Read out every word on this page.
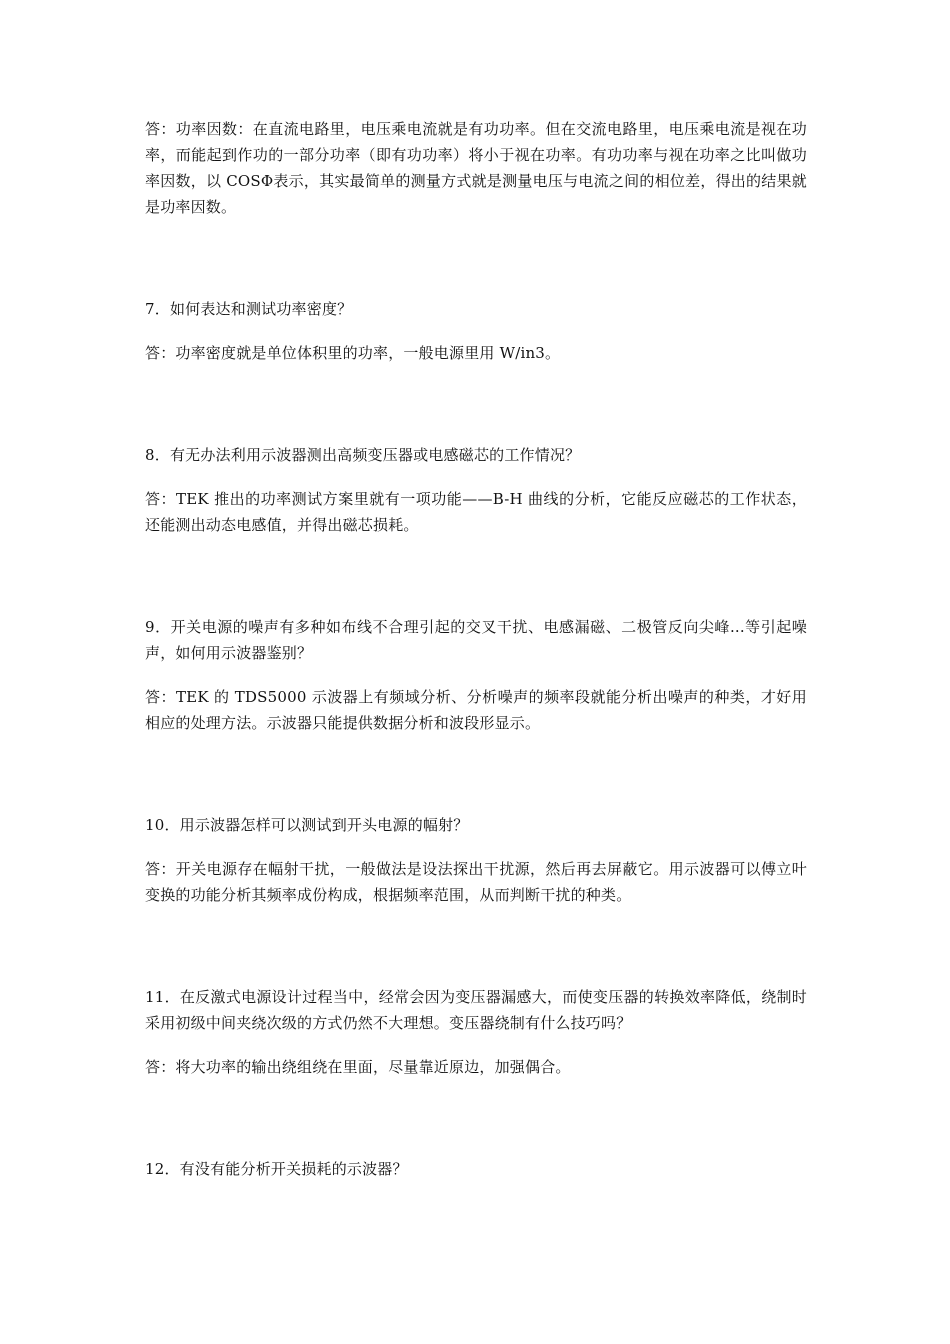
答：功率因数：在直流电路里，电压乘电流就是有功功率。但在交流电路里，电压乘电流是视在功率，而能起到作功的一部分功率（即有功功率）将小于视在功率。有功功率与视在功率之比叫做功率因数，以 COSΦ表示，其实最简单的测量方式就是测量电压与电流之间的相位差，得出的结果就是功率因数。

7．如何表达和测试功率密度？

答：功率密度就是单位体积里的功率，一般电源里用 W/in3。

8．有无办法利用示波器测出高频变压器或电感磁芯的工作情况？

答：TEK 推出的功率测试方案里就有一项功能——B-H 曲线的分析，它能反应磁芯的工作状态，还能测出动态电感值，并得出磁芯损耗。

9．开关电源的噪声有多种如布线不合理引起的交叉干扰、电感漏磁、二极管反向尖峰...等引起噪声，如何用示波器鉴别？

答：TEK 的 TDS5000 示波器上有频域分析、分析噪声的频率段就能分析出噪声的种类，才好用相应的处理方法。示波器只能提供数据分析和波段形显示。

10．用示波器怎样可以测试到开头电源的幅射？

答：开关电源存在幅射干扰，一般做法是设法探出干扰源，然后再去屏蔽它。用示波器可以傅立叶变换的功能分析其频率成份构成，根据频率范围，从而判断干扰的种类。

11．在反激式电源设计过程当中，经常会因为变压器漏感大，而使变压器的转换效率降低，绕制时采用初级中间夹绕次级的方式仍然不大理想。变压器绕制有什么技巧吗？

答：将大功率的输出绕组绕在里面，尽量靠近原边，加强偶合。

12．有没有能分析开关损耗的示波器？
